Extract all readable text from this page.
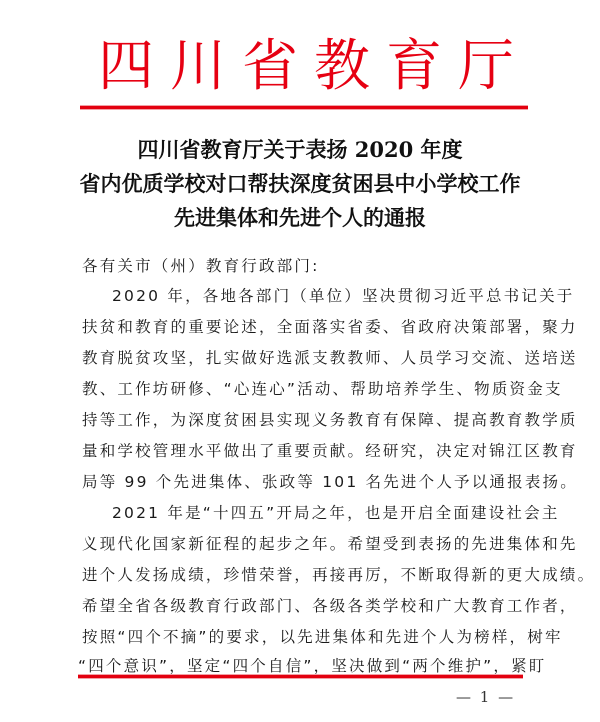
四 川 省 教 育 厅
四川省教育厅关于表扬 2020 年度
省内优质学校对口帮扶深度贫困县中小学校工作
先进集体和先进个人的通报
各有关市（州）教育行政部门:
2020 年，各地各部门（单位）坚决贯彻习近平总书记关于
扶贫和教育的重要论述，全面落实省委、省政府决策部署，聚力
教育脱贫攻坚，扎实做好选派支教教师、人员学习交流、送培送
教、工作坊研修、“心连心”活动、帮助培养学生、物质资金支
持等工作，为深度贫困县实现义务教育有保障、提高教育教学质
量和学校管理水平做出了重要贡献。经研究，决定对锦江区教育
局等 99 个先进集体、张政等 101 名先进个人予以通报表扬。
2021 年是“十四五”开局之年，也是开启全面建设社会主
义现代化国家新征程的起步之年。希望受到表扬的先进集体和先
进个人发扬成绩，珍惜荣誉，再接再厉，不断取得新的更大成绩。
希望全省各级教育行政部门、各级各类学校和广大教育工作者，
按照“四个不摘”的要求，以先进集体和先进个人为榜样，树牢
“四个意识”，坚定“四个自信”，坚决做到“两个维护”，紧盯
— 1 —
